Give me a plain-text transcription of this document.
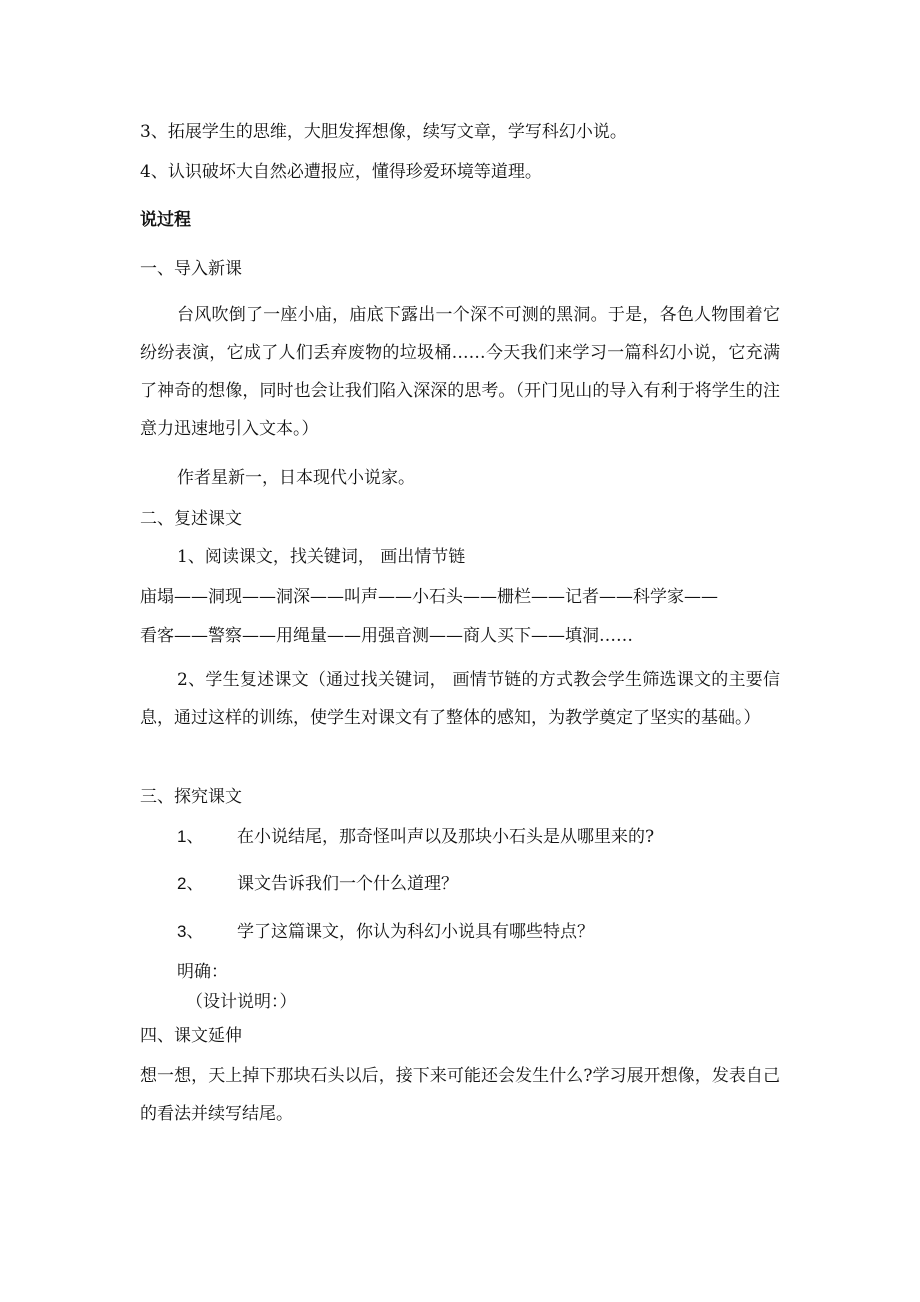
3、拓展学生的思维，大胆发挥想像，续写文章，学写科幻小说。
4、认识破坏大自然必遭报应，懂得珍爱环境等道理。
说过程
一、导入新课
台风吹倒了一座小庙，庙底下露出一个深不可测的黑洞。于是，各色人物围着它纷纷表演，它成了人们丢弃废物的垃圾桶……今天我们来学习一篇科幻小说，它充满了神奇的想像，同时也会让我们陷入深深的思考。（开门见山的导入有利于将学生的注意力迅速地引入文本。）
作者星新一，日本现代小说家。
二、复述课文
1、阅读课文，找关键词， 画出情节链
庙塌——洞现——洞深——叫声——小石头——栅栏——记者——科学家——
看客——警察——用绳量——用强音测——商人买下——填洞……
2、学生复述课文（通过找关键词， 画情节链的方式教会学生筛选课文的主要信息，通过这样的训练，使学生对课文有了整体的感知，为教学奠定了坚实的基础。）
三、探究课文
1、 在小说结尾，那奇怪叫声以及那块小石头是从哪里来的?
2、 课文告诉我们一个什么道理？
3、 学了这篇课文，你认为科幻小说具有哪些特点？
明确：
（设计说明：）
四、课文延伸
想一想，天上掉下那块石头以后，接下来可能还会发生什么?学习展开想像，发表自己的看法并续写结尾。
